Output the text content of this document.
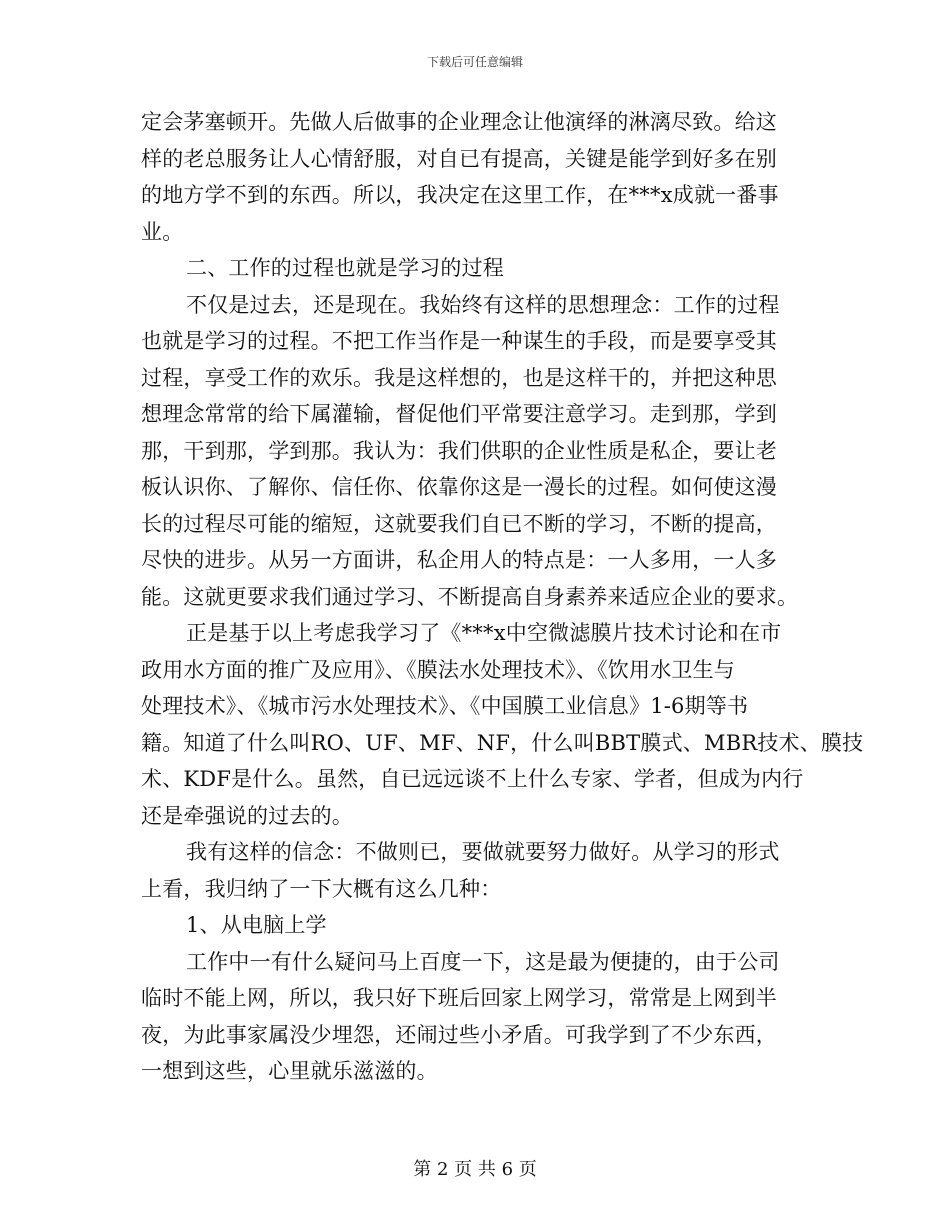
下载后可任意编辑
定会茅塞顿开。先做人后做事的企业理念让他演绎的淋漓尽致。给这
样的老总服务让人心情舒服，对自已有提高，关键是能学到好多在别
的地方学不到的东西。所以，我决定在这里工作，在***x成就一番事
业。
二、工作的过程也就是学习的过程
不仅是过去，还是现在。我始终有这样的思想理念：工作的过程
也就是学习的过程。不把工作当作是一种谋生的手段，而是要享受其
过程，享受工作的欢乐。我是这样想的，也是这样干的，并把这种思
想理念常常的给下属灌输，督促他们平常要注意学习。走到那，学到
那，干到那，学到那。我认为：我们供职的企业性质是私企，要让老
板认识你、了解你、信任你、依靠你这是一漫长的过程。如何使这漫
长的过程尽可能的缩短，这就要我们自已不断的学习，不断的提高，
尽快的进步。从另一方面讲，私企用人的特点是：一人多用，一人多
能。这就更要求我们通过学习、不断提高自身素养来适应企业的要求。
正是基于以上考虑我学习了《***x中空微滤膜片技术讨论和在市
政用水方面的推广及应用》、《膜法水处理技术》、《饮用水卫生与
处理技术》、《城市污水处理技术》、《中国膜工业信息》1-6期等书
籍。知道了什么叫RO、UF、MF、NF，什么叫BBT膜式、MBR技术、膜技
术、KDF是什么。虽然，自已远远谈不上什么专家、学者，但成为内行
还是牵强说的过去的。
我有这样的信念：不做则已，要做就要努力做好。从学习的形式
上看，我归纳了一下大概有这么几种：
1、从电脑上学
工作中一有什么疑问马上百度一下，这是最为便捷的，由于公司
临时不能上网，所以，我只好下班后回家上网学习，常常是上网到半
夜，为此事家属没少埋怨，还闹过些小矛盾。可我学到了不少东西，
一想到这些，心里就乐滋滋的。
第 2 页 共 6 页
